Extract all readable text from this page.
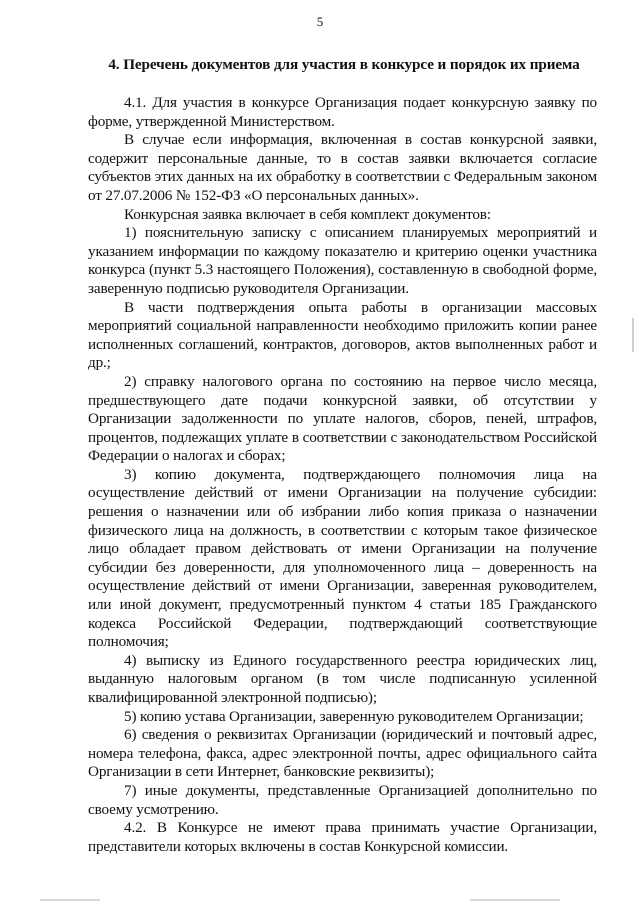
5
4. Перечень документов для участия в конкурсе и порядок их приема

4.1. Для участия в конкурсе Организация подает конкурсную заявку по форме, утвержденной Министерством.

В случае если информация, включенная в состав конкурсной заявки, содержит персональные данные, то в состав заявки включается согласие субъектов этих данных на их обработку в соответствии с Федеральным законом от 27.07.2006 № 152-ФЗ «О персональных данных».

Конкурсная заявка включает в себя комплект документов:

1) пояснительную записку с описанием планируемых мероприятий и указанием информации по каждому показателю и критерию оценки участника конкурса (пункт 5.3 настоящего Положения), составленную в свободной форме, заверенную подписью руководителя Организации.

В части подтверждения опыта работы в организации массовых мероприятий социальной направленности необходимо приложить копии ранее исполненных соглашений, контрактов, договоров, актов выполненных работ и др.;

2) справку налогового органа по состоянию на первое число месяца, предшествующего дате подачи конкурсной заявки, об отсутствии у Организации задолженности по уплате налогов, сборов, пеней, штрафов, процентов, подлежащих уплате в соответствии с законодательством Российской Федерации о налогах и сборах;

3) копию документа, подтверждающего полномочия лица на осуществление действий от имени Организации на получение субсидии: решения о назначении или об избрании либо копия приказа о назначении физического лица на должность, в соответствии с которым такое физическое лицо обладает правом действовать от имени Организации на получение субсидии без доверенности, для уполномоченного лица – доверенность на осуществление действий от имени Организации, заверенная руководителем, или иной документ, предусмотренный пунктом 4 статьи 185 Гражданского кодекса Российской Федерации, подтверждающий соответствующие полномочия;

4) выписку из Единого государственного реестра юридических лиц, выданную налоговым органом (в том числе подписанную усиленной квалифицированной электронной подписью);

5) копию устава Организации, заверенную руководителем Организации;

6) сведения о реквизитах Организации (юридический и почтовый адрес, номера телефона, факса, адрес электронной почты, адрес официального сайта Организации в сети Интернет, банковские реквизиты);

7) иные документы, представленные Организацией дополнительно по своему усмотрению.

4.2. В Конкурсе не имеют права принимать участие Организации, представители которых включены в состав Конкурсной комиссии.
